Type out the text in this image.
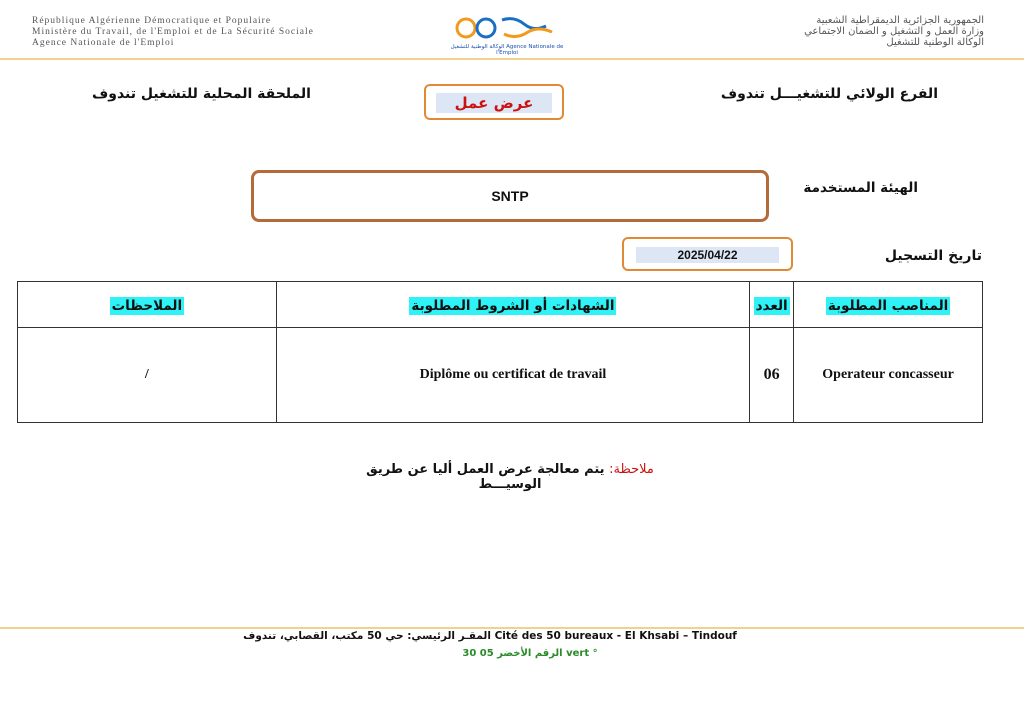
République Algérienne Démocratique et Populaire
Ministère du Travail, de l'Emploi et de La Sécurité Sociale
Agence Nationale de l'Emploi	الوكالة الوطنية للتشغيل Agence Nationale de l'Emploi
الجمهورية الجزائرية الديمقراطية الشعبية
وزارة العمل و التشغيل و الضمان الاجتماعي
الوكالة الوطنية للتشغيل
الملحقة المحلية للتشغيل تندوف	عرض عمل	الفرع الولائي للتشغيـــل تندوف
الهيئة المستخدمة
SNTP
تاريخ التسجيل
2025/04/22
الملاحظات	الشهادات أو الشروط المطلوبة	العدد	المناصب المطلوبة
/	Diplôme ou certificat de travail	06	Operateur concasseur
ملاحظة: يتم معالجة عرض العمل أليا عن طريق الوسيـــط
المقـر الرئيسي: حي 50 مكتب، القصابي، تندوف Cité des 50 bureaux - El Khsabi – Tindouf
الرقم الأخضر 05 30 vert °
